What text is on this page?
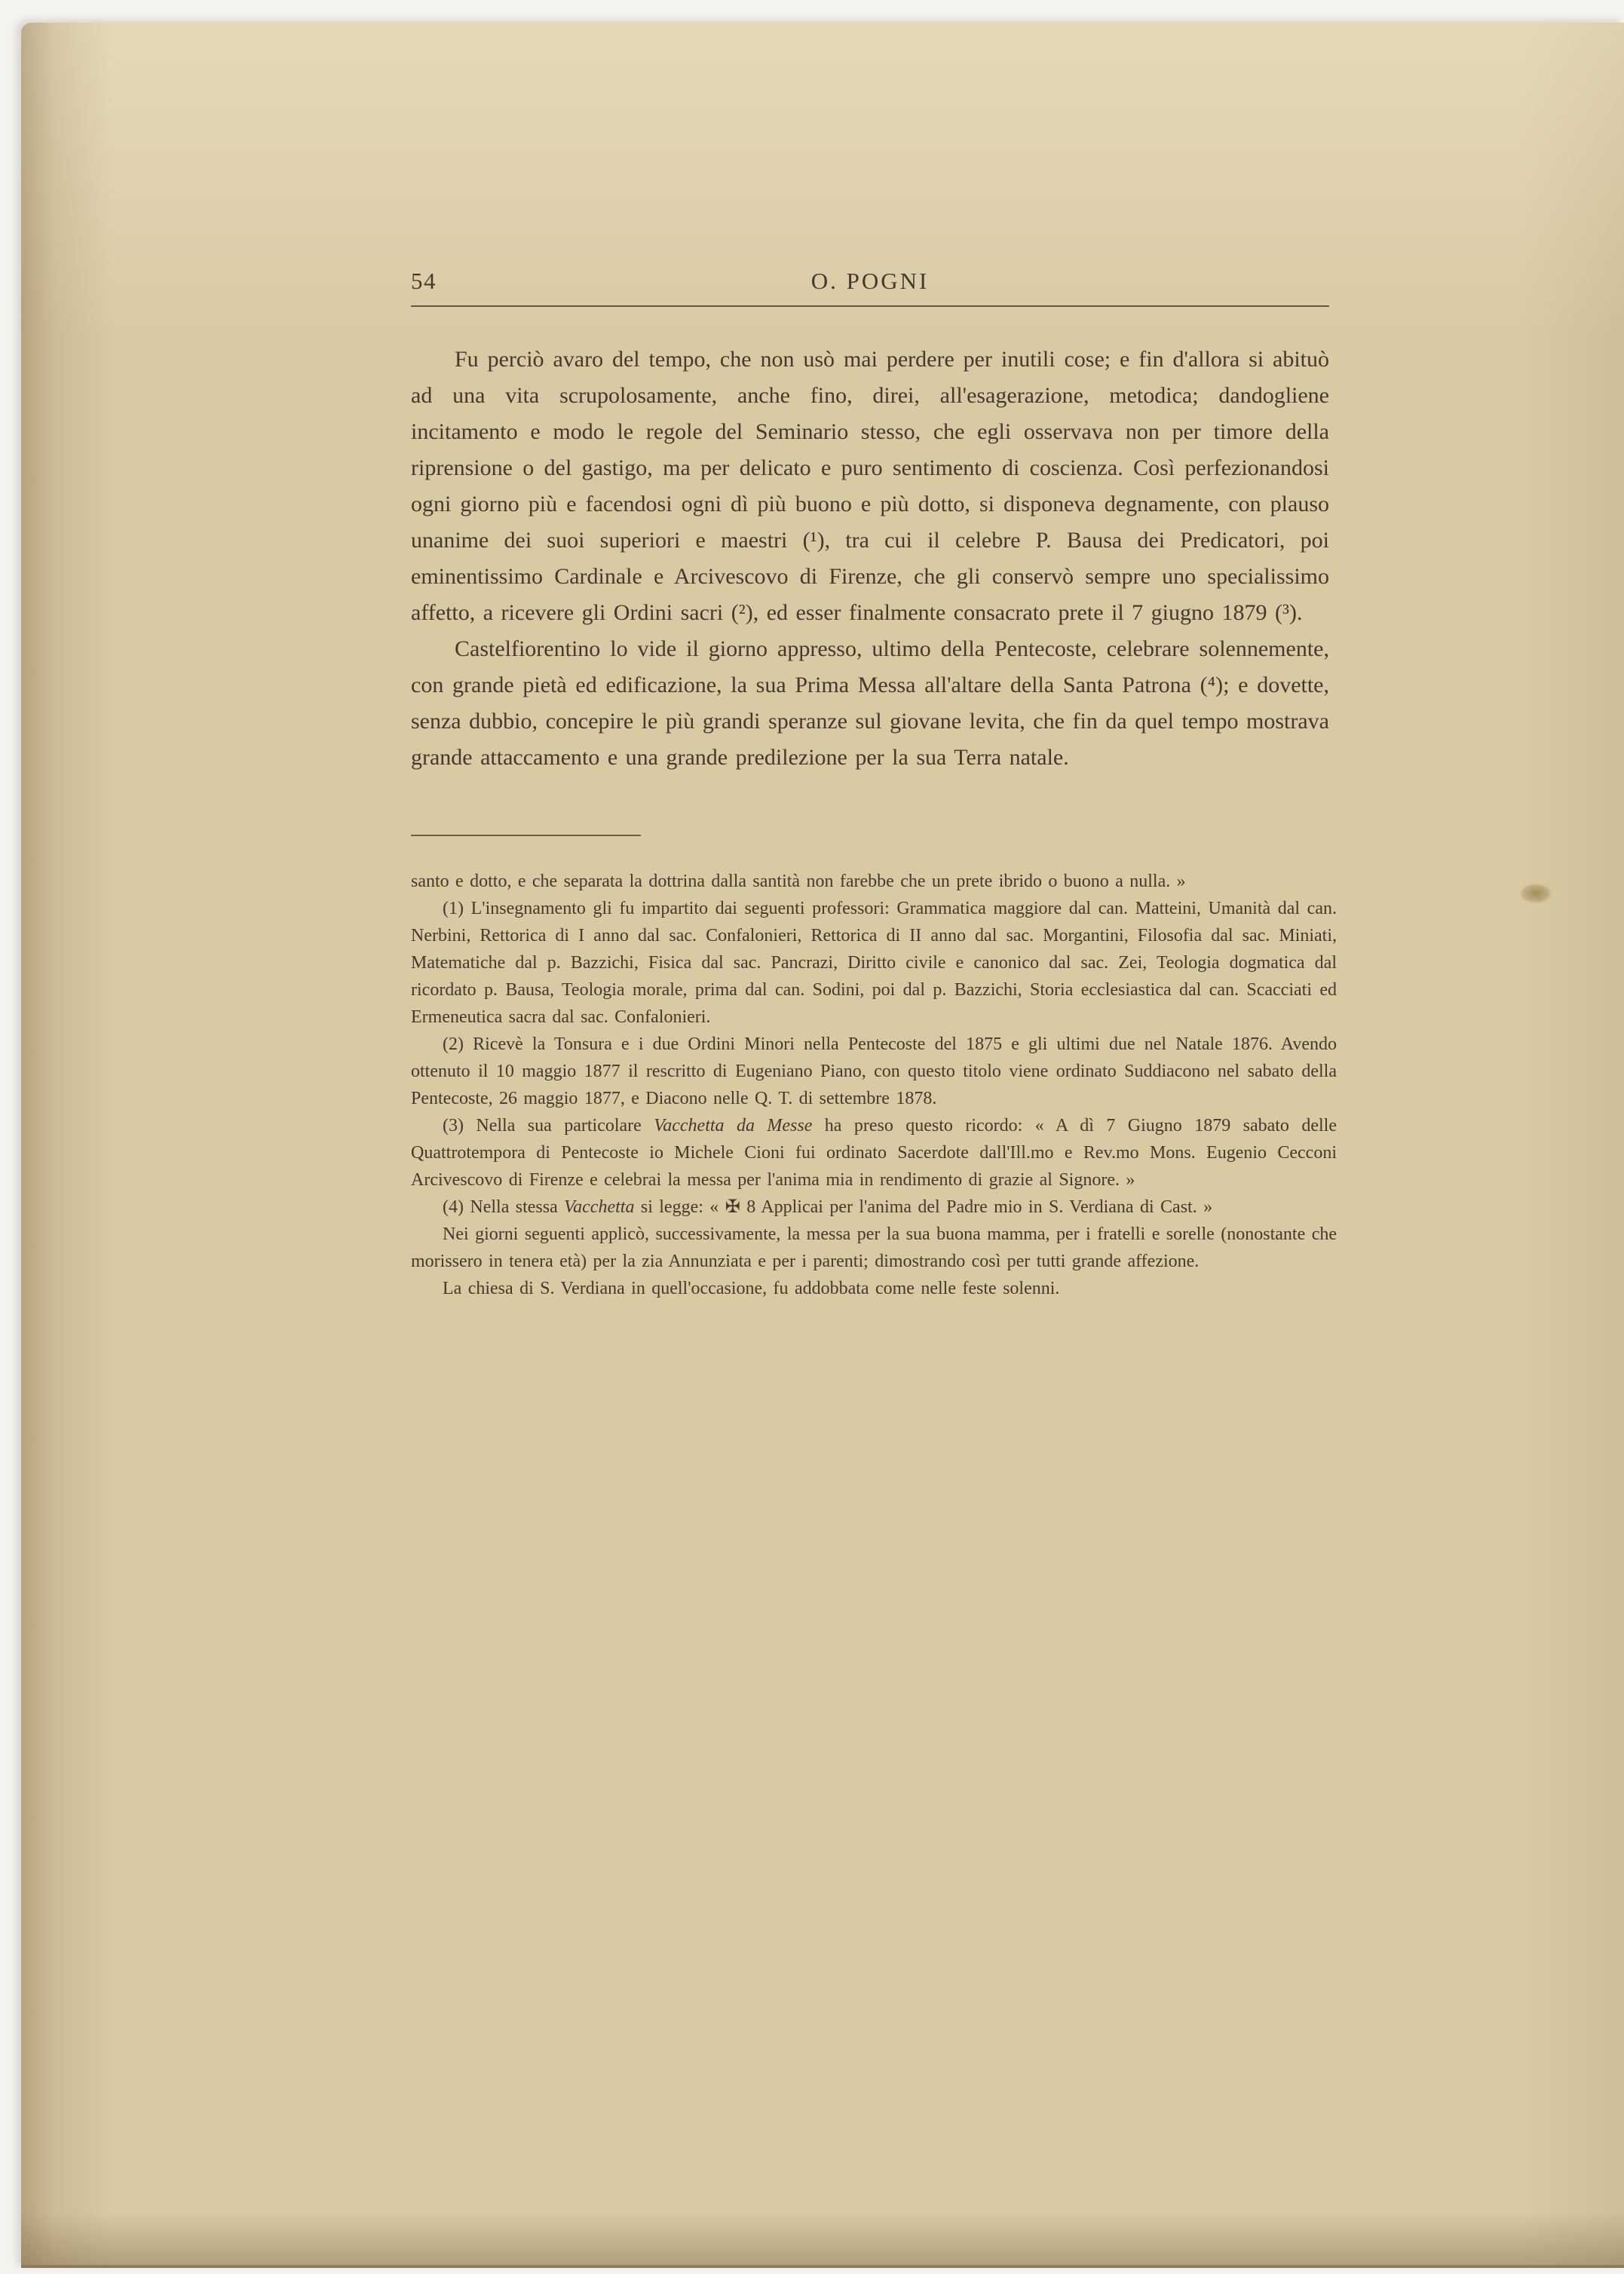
54	O. POGNI

Fu perciò avaro del tempo, che non usò mai perdere per inutili cose; e fin d'allora si abituò ad una vita scrupolosamente, anche fino, direi, all'esagerazione, metodica; dandogliene incitamento e modo le regole del Seminario stesso, che egli osservava non per timore della riprensione o del gastigo, ma per delicato e puro sentimento di coscienza. Così perfezionandosi ogni giorno più e facendosi ogni dì più buono e più dotto, si disponeva degnamente, con plauso unanime dei suoi superiori e maestri (¹), tra cui il celebre P. Bausa dei Predicatori, poi eminentissimo Cardinale e Arcivescovo di Firenze, che gli conservò sempre uno specialissimo affetto, a ricevere gli Ordini sacri (²), ed esser finalmente consacrato prete il 7 giugno 1879 (³).

Castelfiorentino lo vide il giorno appresso, ultimo della Pentecoste, celebrare solennemente, con grande pietà ed edificazione, la sua Prima Messa all'altare della Santa Patrona (⁴); e dovette, senza dubbio, concepire le più grandi speranze sul giovane levita, che fin da quel tempo mostrava grande attaccamento e una grande predilezione per la sua Terra natale.

santo e dotto, e che separata la dottrina dalla santità non farebbe che un prete ibrido o buono a nulla. »

(1) L'insegnamento gli fu impartito dai seguenti professori: Grammatica maggiore dal can. Matteini, Umanità dal can. Nerbini, Rettorica di I anno dal sac. Confalonieri, Rettorica di II anno dal sac. Morgantini, Filosofia dal sac. Miniati, Matematiche dal p. Bazzichi, Fisica dal sac. Pancrazi, Diritto civile e canonico dal sac. Zei, Teologia dogmatica dal ricordato p. Bausa, Teologia morale, prima dal can. Sodini, poi dal p. Bazzichi, Storia ecclesiastica dal can. Scacciati ed Ermeneutica sacra dal sac. Confalonieri.

(2) Ricevè la Tonsura e i due Ordini Minori nella Pentecoste del 1875 e gli ultimi due nel Natale 1876. Avendo ottenuto il 10 maggio 1877 il rescritto di Eugeniano Piano, con questo titolo viene ordinato Suddiacono nel sabato della Pentecoste, 26 maggio 1877, e Diacono nelle Q. T. di settembre 1878.

(3) Nella sua particolare Vacchetta da Messe ha preso questo ricordo: « A dì 7 Giugno 1879 sabato delle Quattrotempora di Pentecoste io Michele Cioni fui ordinato Sacerdote dall'Ill.mo e Rev.mo Mons. Eugenio Cecconi Arcivescovo di Firenze e celebrai la messa per l'anima mia in rendimento di grazie al Signore. »

(4) Nella stessa Vacchetta si legge: « ✠ 8 Applicai per l'anima del Padre mio in S. Verdiana di Cast. »

Nei giorni seguenti applicò, successivamente, la messa per la sua buona mamma, per i fratelli e sorelle (nonostante che morissero in tenera età) per la zia Annunziata e per i parenti; dimostrando così per tutti grande affezione.

La chiesa di S. Verdiana in quell'occasione, fu addobbata come nelle feste solenni.
